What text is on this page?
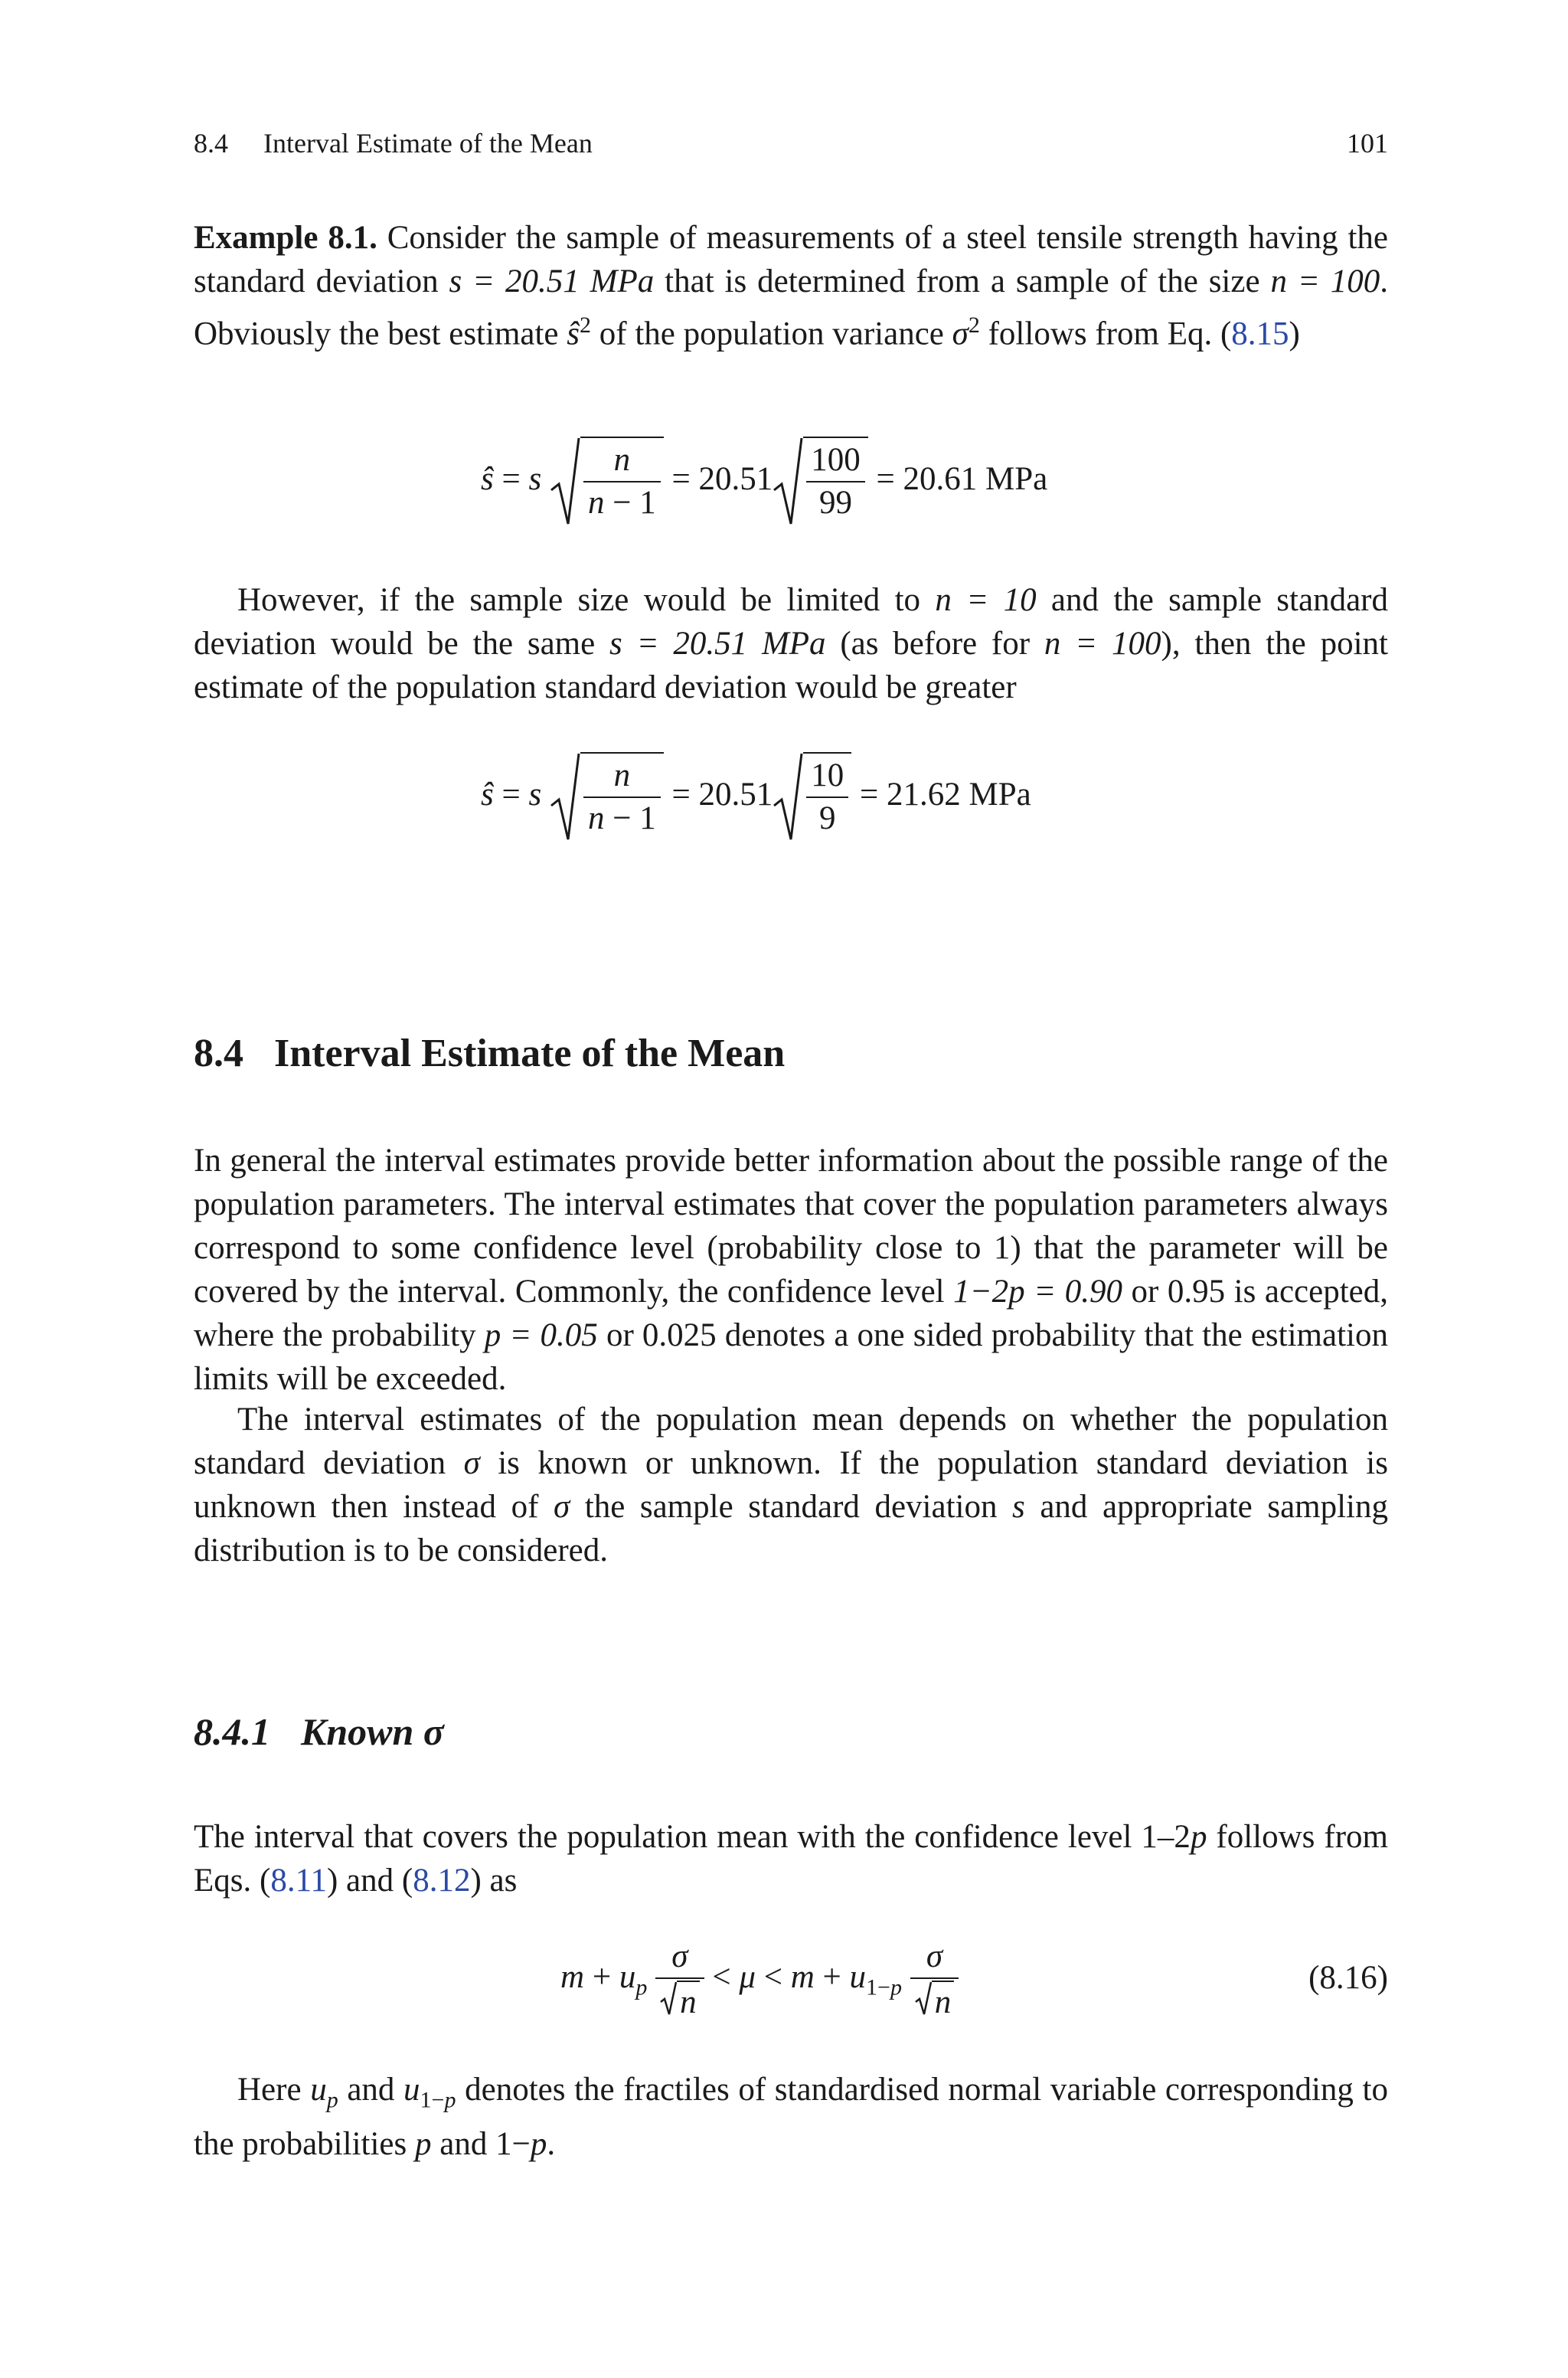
8.4 Interval Estimate of the Mean	101
Example 8.1. Consider the sample of measurements of a steel tensile strength having the standard deviation s = 20.51 MPa that is determined from a sample of the size n = 100. Obviously the best estimate $ŝ^2$ of the population variance $\sigma^2$ follows from Eq. (8.15)
ŝ = s $\frac{n}{n - 1} = 20.51 \frac{100}{99} = 20.61$ MPa
However, if the sample size would be limited to n = 10 and the sample standard deviation would be the same s = 20.51 MPa (as before for n = 100), then the point estimate of the population standard deviation would be greater
ŝ = s $\frac{n}{n - 1} = 20.51 \frac{10}{9} = 21.62$ MPa
8.4 Interval Estimate of the Mean
In general the interval estimates provide better information about the possible range of the population parameters. The interval estimates that cover the population parameters always correspond to some confidence level (probability close to 1) that the parameter will be covered by the interval. Commonly, the confidence level 1−2p = 0.90 or 0.95 is accepted, where the probability p = 0.05 or 0.025 denotes a one sided probability that the estimation limits will be exceeded.
The interval estimates of the population mean depends on whether the population standard deviation σ is known or unknown. If the population standard deviation is unknown then instead of σ the sample standard deviation s and appropriate sampling distribution is to be considered.
8.4.1 Known σ
The interval that covers the population mean with the confidence level 1–2p follows from Eqs. (8.11) and (8.12) as
$m + u_p \frac{\sigma}{n} < \mu < m + u_{1-p} \frac{\sigma}{n}$	(8.16)
Here $u_p$ and $u_{1-p}$ denotes the fractiles of standardised normal variable corresponding to the probabilities p and 1−p.
